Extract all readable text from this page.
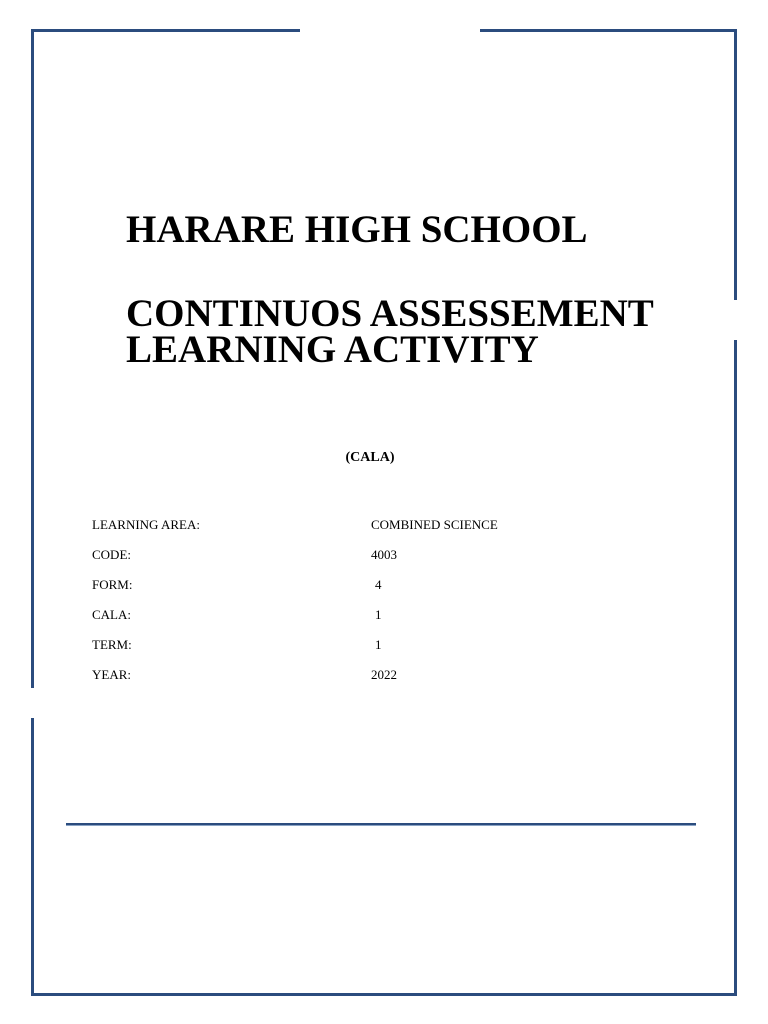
HARARE HIGH SCHOOL
CONTINUOS ASSESSEMENT
LEARNING ACTIVITY
(CALA)
LEARNING AREA:	COMBINED SCIENCE
CODE:	4003
FORM:	4
CALA:	1
TERM:	1
YEAR:	2022
